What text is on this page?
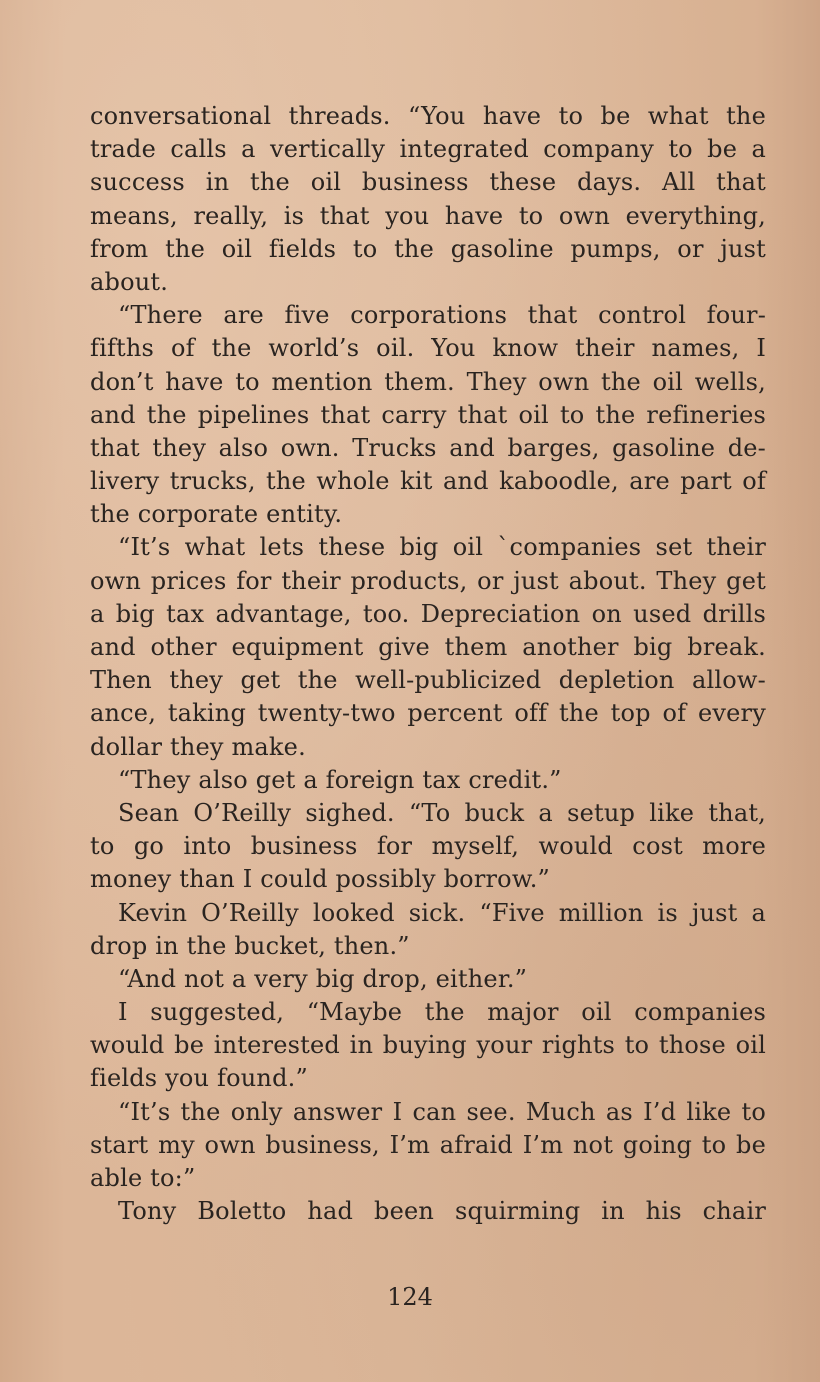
conversational threads. “You have to be what the
trade calls a vertically integrated company to be a
success in the oil business these days. All that
means, really, is that you have to own everything,
from the oil fields to the gasoline pumps, or just
about.
“There are five corporations that control four-
fifths of the world’s oil. You know their names, I
don’t have to mention them. They own the oil wells,
and the pipelines that carry that oil to the refineries
that they also own. Trucks and barges, gasoline de-
livery trucks, the whole kit and kaboodle, are part of
the corporate entity.
“It’s what lets these big oil `companies set their
own prices for their products, or just about. They get
a big tax advantage, too. Depreciation on used drills
and other equipment give them another big break.
Then they get the well-publicized depletion allow-
ance, taking twenty-two percent off the top of every
dollar they make.
“They also get a foreign tax credit.”
Sean O’Reilly sighed. “To buck a setup like that,
to go into business for myself, would cost more
money than I could possibly borrow.”
Kevin O’Reilly looked sick. “Five million is just a
drop in the bucket, then.”
“And not a very big drop, either.”
I suggested, “Maybe the major oil companies
would be interested in buying your rights to those oil
fields you found.”
“It’s the only answer I can see. Much as I’d like to
start my own business, I’m afraid I’m not going to be
able to:”
Tony Boletto had been squirming in his chair
124
